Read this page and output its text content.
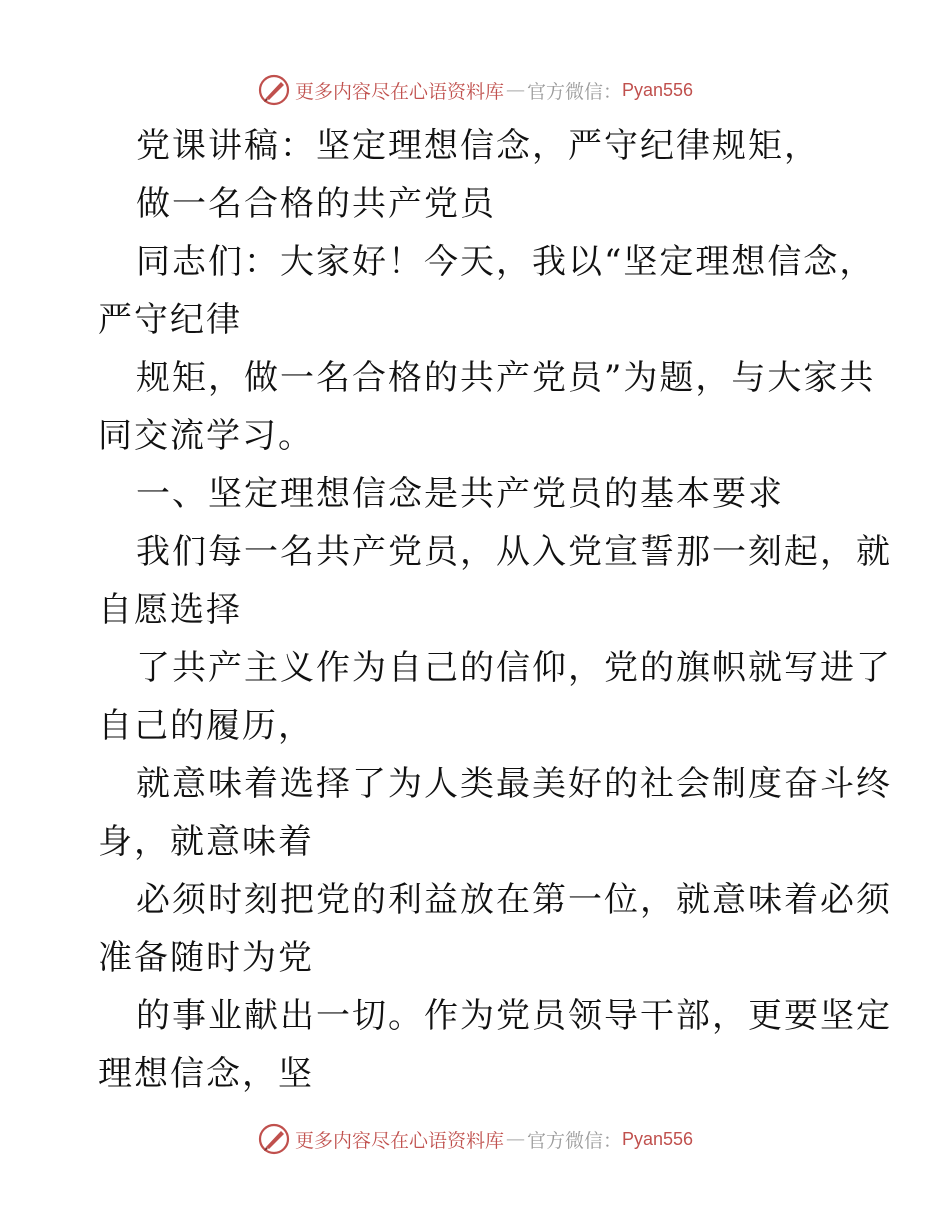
更多内容尽在心语资料库 — 官方微信： Pyan556
党课讲稿：坚定理想信念，严守纪律规矩，
做一名合格的共产党员
同志们：大家好！今天，我以“坚定理想信念，
严守纪律
规矩，做一名合格的共产党员”为题，与大家共
同交流学习。
一、坚定理想信念是共产党员的基本要求
我们每一名共产党员，从入党宣誓那一刻起，就
自愿选择
了共产主义作为自己的信仰，党的旗帜就写进了
自己的履历，
就意味着选择了为人类最美好的社会制度奋斗终
身，就意味着
必须时刻把党的利益放在第一位，就意味着必须
准备随时为党
的事业献出一切。作为党员领导干部，更要坚定
理想信念，坚
更多内容尽在心语资料库 — 官方微信： Pyan556
